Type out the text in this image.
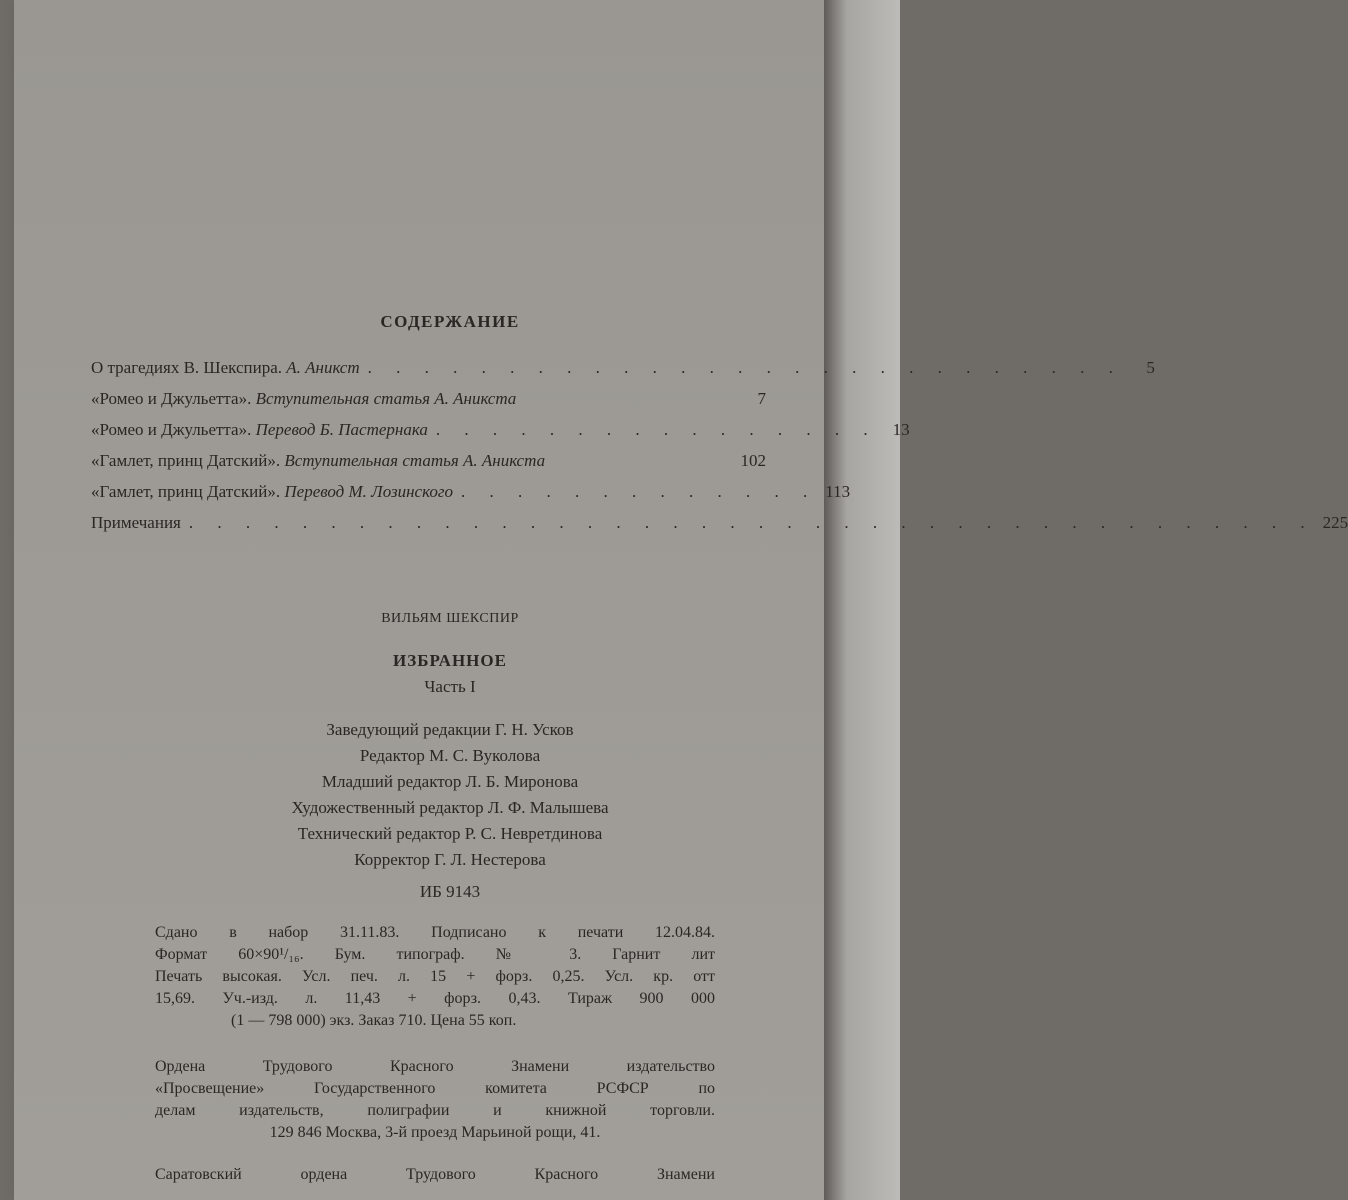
СОДЕРЖАНИЕ
О трагедиях В. Шекспира. А. Аникст . . . . . . . . . . . . . . . . . . . . . . . . . . .	5
«Ромео и Джульетта». Вступительная статья А. Аникста	7
«Ромео и Джульетта». Перевод Б. Пастернака . . . . . . . . . . . . . . . . 13
«Гамлет, принц Датский». Вступительная статья А. Аникста	102
«Гамлет, принц Датский». Перевод М. Лозинского . . . . . . . . . . . . . 113
Примечания . . . . . . . . . . . . . . . . . . . . . . . . . . . . . . . . . . . . . . . . 225
ВИЛЬЯМ ШЕКСПИР
ИЗБРАННОЕ
Часть I
Заведующий редакции Г. Н. Усков
Редактор М. С. Вуколова
Младший редактор Л. Б. Миронова
Художественный редактор Л. Ф. Малышева
Технический редактор Р. С. Невретдинова
Корректор Г. Л. Нестерова
ИБ 9143
Сдано в набор 31.11.83. Подписано к печати 12.04.84.
Формат 60×90¹/₁₆. Бум. типограф. № 3. Гарнит лит
Печать высокая. Усл. печ. л. 15 + форз. 0,25. Усл. кр. отт
15,69. Уч.-изд. л. 11,43 + форз. 0,43. Тираж 900 000
(1 — 798 000) экз. Заказ 710. Цена 55 коп.
Ордена Трудового Красного Знамени издательство
«Просвещение» Государственного комитета РСФСР по
делам издательств, полиграфии и книжной торговли.
129 846 Москва, 3-й проезд Марьиной рощи, 41.
Саратовский ордена Трудового Красного Знамени
